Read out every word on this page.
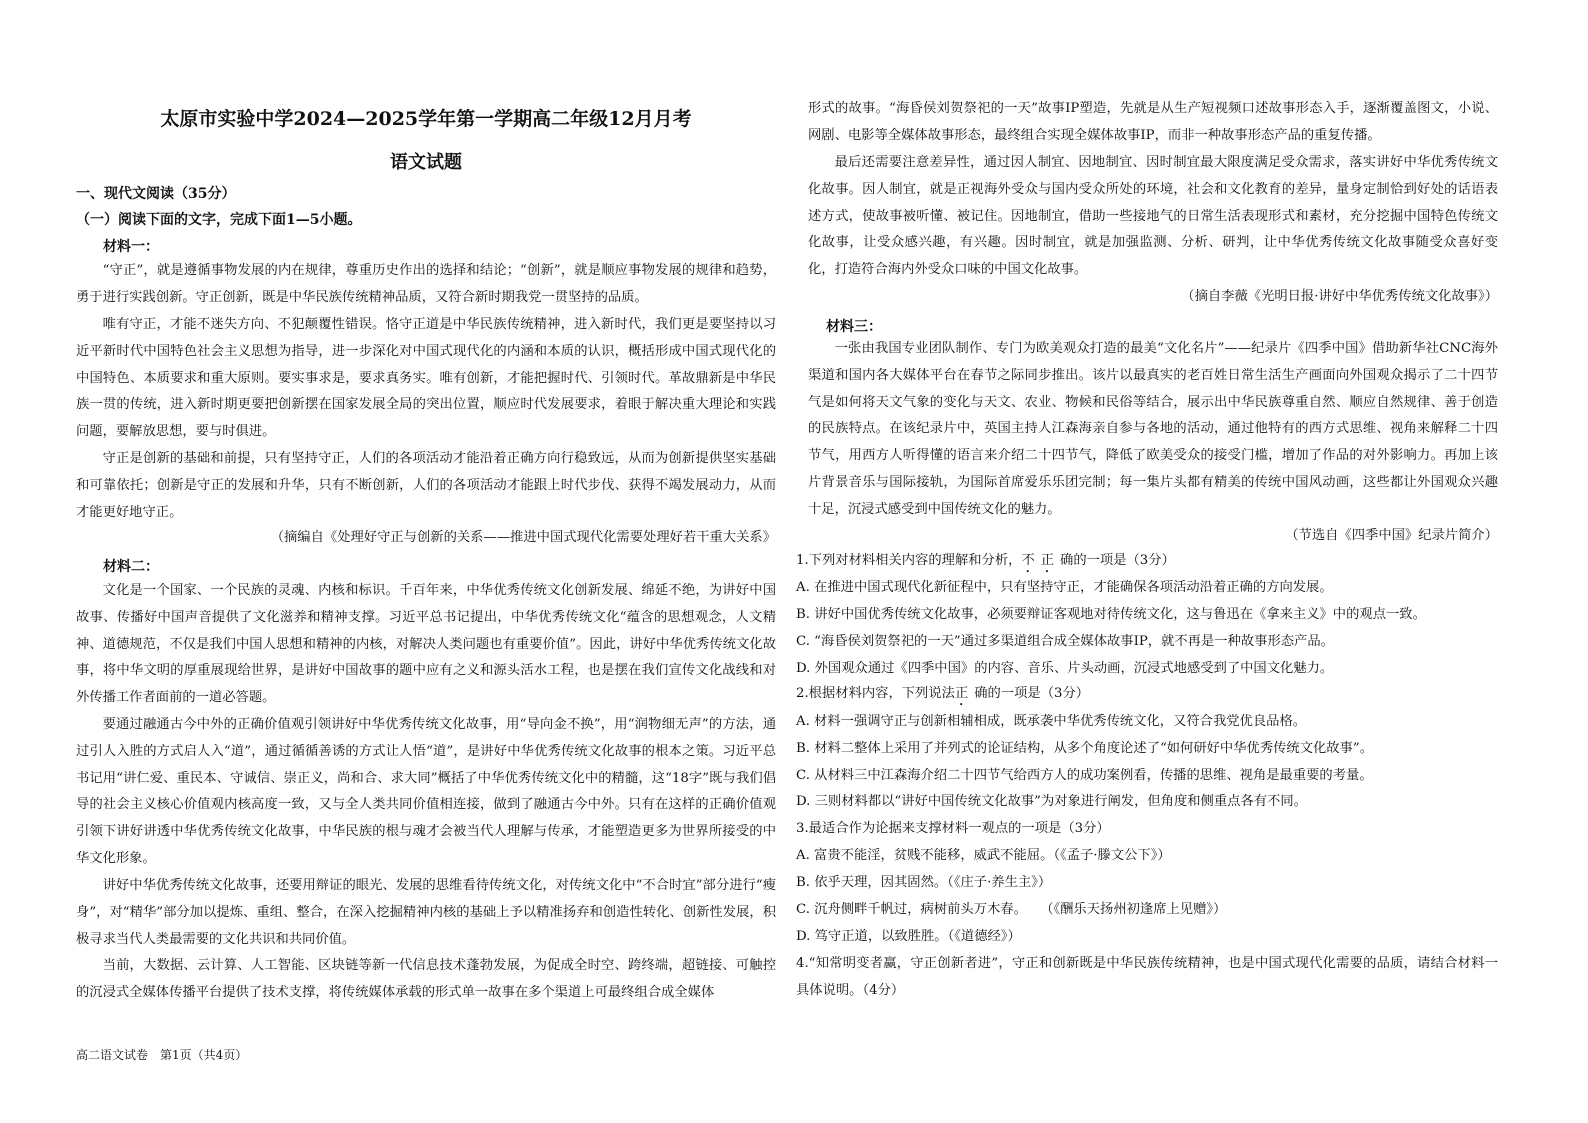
太原市实验中学2024—2025学年第一学期高二年级12月月考
语文试题

一、现代文阅读（35分）

（一）阅读下面的文字，完成下面1—5小题。

材料一：

“守正”，就是遵循事物发展的内在规律，尊重历史作出的选择和结论；“创新”，就是顺应事物发展的规律和趋势，勇于进行实践创新。守正创新，既是中华民族传统精神品质，又符合新时期我党一贯坚持的品质。

唯有守正，才能不迷失方向、不犯颠覆性错误。恪守正道是中华民族传统精神，进入新时代，我们更是要坚持以习近平新时代中国特色社会主义思想为指导，进一步深化对中国式现代化的内涵和本质的认识，概括形成中国式现代化的中国特色、本质要求和重大原则。要实事求是，要求真务实。唯有创新，才能把握时代、引领时代。革故鼎新是中华民族一贯的传统，进入新时期更要把创新摆在国家发展全局的突出位置，顺应时代发展要求，着眼于解决重大理论和实践问题，要解放思想，要与时俱进。

守正是创新的基础和前提，只有坚持守正，人们的各项活动才能沿着正确方向行稳致远，从而为创新提供坚实基础和可靠依托；创新是守正的发展和升华，只有不断创新，人们的各项活动才能跟上时代步伐、获得不竭发展动力，从而才能更好地守正。

（摘编自《处理好守正与创新的关系——推进中国式现代化需要处理好若干重大关系》

材料二：

文化是一个国家、一个民族的灵魂、内核和标识。千百年来，中华优秀传统文化创新发展、绵延不绝，为讲好中国故事、传播好中国声音提供了文化滋养和精神支撑。习近平总书记提出，中华优秀传统文化“蕴含的思想观念，人文精神、道德规范，不仅是我们中国人思想和精神的内核，对解决人类问题也有重要价值”。因此，讲好中华优秀传统文化故事，将中华文明的厚重展现给世界，是讲好中国故事的题中应有之义和源头活水工程，也是摆在我们宣传文化战线和对外传播工作者面前的一道必答题。

要通过融通古今中外的正确价值观引领讲好中华优秀传统文化故事，用“导向金不换”，用“润物细无声”的方法，通过引人入胜的方式启人入“道”，通过循循善诱的方式让人悟“道”，是讲好中华优秀传统文化故事的根本之策。习近平总书记用“讲仁爱、重民本、守诚信、崇正义，尚和合、求大同”概括了中华优秀传统文化中的精髓，这“18字”既与我们倡导的社会主义核心价值观内核高度一致，又与全人类共同价值相连接，做到了融通古今中外。只有在这样的正确价值观引领下讲好讲透中华优秀传统文化故事，中华民族的根与魂才会被当代人理解与传承，才能塑造更多为世界所接受的中华文化形象。

讲好中华优秀传统文化故事，还要用辩证的眼光、发展的思维看待传统文化，对传统文化中“不合时宜”部分进行“瘦身”，对“精华”部分加以提炼、重组、整合，在深入挖掘精神内核的基础上予以精准扬弃和创造性转化、创新性发展，积极寻求当代人类最需要的文化共识和共同价值。

当前，大数据、云计算、人工智能、区块链等新一代信息技术蓬勃发展，为促成全时空、跨终端，超链接、可触控的沉浸式全媒体传播平台提供了技术支撑，将传统媒体承载的形式单一故事在多个渠道上可最终组合成全媒体

高二语文试卷　第1页（共4页）

形式的故事。“海昏侯刘贺祭祀的一天”故事IP塑造，先就是从生产短视频口述故事形态入手，逐渐覆盖图文，小说、网剧、电影等全媒体故事形态，最终组合实现全媒体故事IP，而非一种故事形态产品的重复传播。

最后还需要注意差异性，通过因人制宜、因地制宜、因时制宜最大限度满足受众需求，落实讲好中华优秀传统文化故事。因人制宜，就是正视海外受众与国内受众所处的环境，社会和文化教育的差异，量身定制恰到好处的话语表述方式，使故事被听懂、被记住。因地制宜，借助一些接地气的日常生活表现形式和素材，充分挖掘中国特色传统文化故事，让受众感兴趣，有兴趣。因时制宜，就是加强监测、分析、研判，让中华优秀传统文化故事随受众喜好变化，打造符合海内外受众口味的中国文化故事。

（摘自李薇《光明日报·讲好中华优秀传统文化故事》）

材料三：

一张由我国专业团队制作、专门为欧美观众打造的最美“文化名片”——纪录片《四季中国》借助新华社CNC海外渠道和国内各大媒体平台在春节之际同步推出。该片以最真实的老百姓日常生活生产画面向外国观众揭示了二十四节气是如何将天文气象的变化与天文、农业、物候和民俗等结合，展示出中华民族尊重自然、顺应自然规律、善于创造的民族特点。在该纪录片中，英国主持人江森海亲自参与各地的活动，通过他特有的西方式思维、视角来解释二十四节气，用西方人听得懂的语言来介绍二十四节气，降低了欧美受众的接受门槛，增加了作品的对外影响力。再加上该片背景音乐与国际接轨，为国际首席爱乐乐团完制；每一集片头都有精美的传统中国风动画，这些都让外国观众兴趣十足，沉浸式感受到中国传统文化的魅力。

（节选自《四季中国》纪录片简介）

1.下列对材料相关内容的理解和分析，不正确的一项是（3分）

A. 在推进中国式现代化新征程中，只有坚持守正，才能确保各项活动沿着正确的方向发展。

B. 讲好中国优秀传统文化故事，必须要辩证客观地对待传统文化，这与鲁迅在《拿来主义》中的观点一致。

C. “海昏侯刘贺祭祀的一天”通过多渠道组合成全媒体故事IP，就不再是一种故事形态产品。

D. 外国观众通过《四季中国》的内容、音乐、片头动画，沉浸式地感受到了中国文化魅力。

2.根据材料内容，下列说法正确的一项是（3分）

A. 材料一强调守正与创新相辅相成，既承袭中华优秀传统文化，又符合我党优良品格。

B. 材料二整体上采用了并列式的论证结构，从多个角度论述了“如何研好中华优秀传统文化故事”。

C. 从材料三中江森海介绍二十四节气给西方人的成功案例看，传播的思维、视角是最重要的考量。

D. 三则材料都以“讲好中国传统文化故事”为对象进行阐发，但角度和侧重点各有不同。

3.最适合作为论据来支撑材料一观点的一项是（3分）

A. 富贵不能淫，贫贱不能移，威武不能屈。（《孟子·滕文公下》）

B. 依乎天理，因其固然。（《庄子·养生主》）

C. 沉舟侧畔千帆过，病树前头万木春。　　（《酬乐天扬州初逢席上见赠》）

D. 笃守正道，以致胜胜。（《道德经》）

4.“知常明变者赢，守正创新者进”，守正和创新既是中华民族传统精神，也是中国式现代化需要的品质，请结合材料一具体说明。（4分）
